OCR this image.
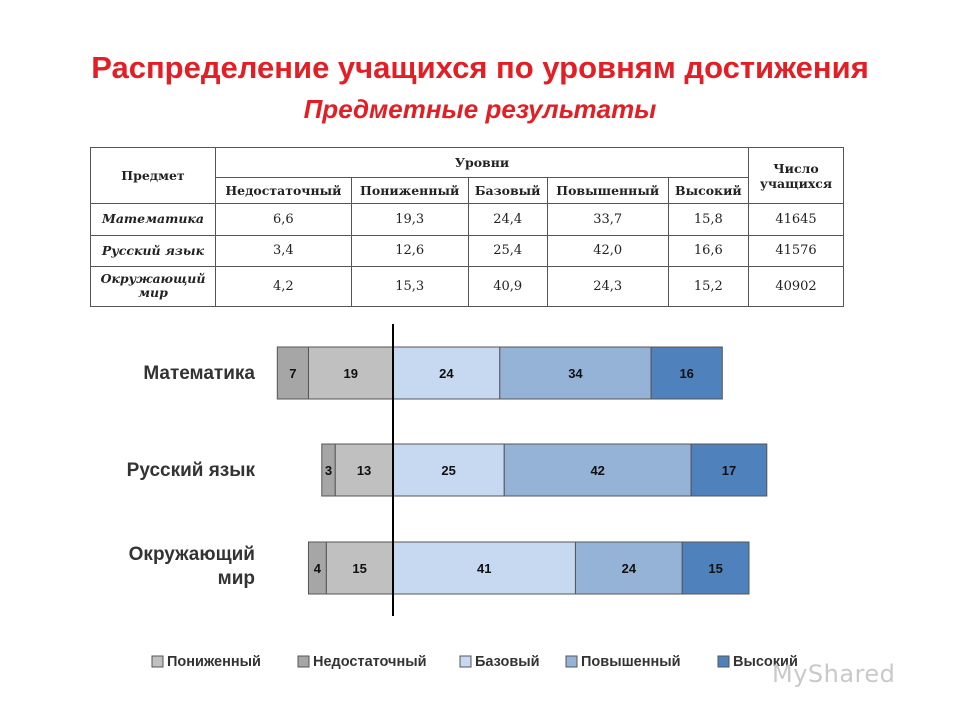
Распределение учащихся по уровням достижения
Предметные результаты
Предмет	Уровни					Число
учащихся
	Недостаточный	Пониженный	Базовый	Повышенный	Высокий	
Математика	6,6	19,3	24,4	33,7	15,8	41645
Русский язык	3,4	12,6	25,4	42,0	16,6	41576
Окружающий мир	4,2	15,3	40,9	24,3	15,2	40902
19
7	24	34	16
Математика
13
3	25	42	17
Русский язык
15
4	41	24	15
Окружающий
мир
Пониженный	Недостаточный	Базовый	Повышенный	Высокий
MyShared
